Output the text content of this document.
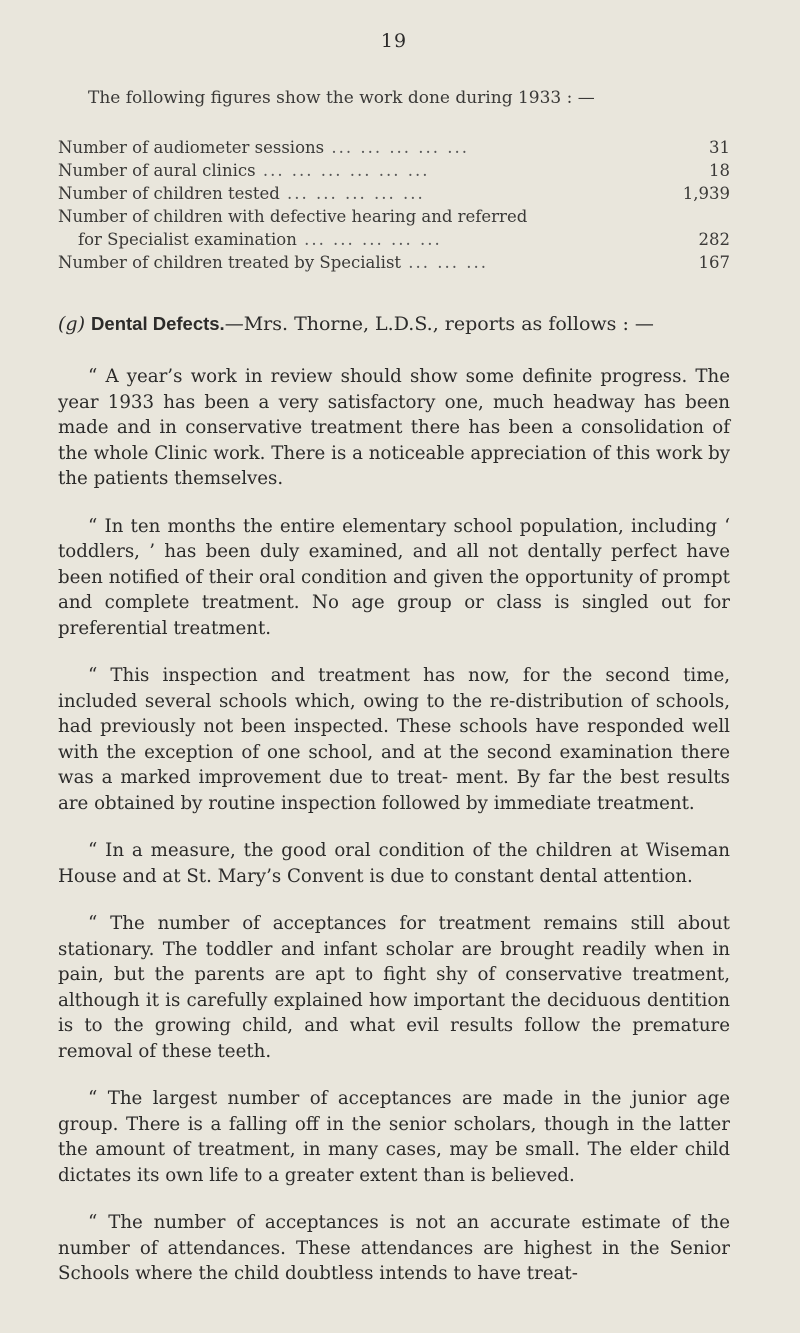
19
The following figures show the work done during 1933 : —
Number of audiometer sessions ... ... ... ... ...	31
Number of aural clinics ... ... ... ... ... ...	18
Number of children tested ... ... ... ... ...	1,939
Number of children with defective hearing and referred
for Specialist examination ... ... ... ... ...	282
Number of children treated by Specialist ... ... ...	167
(g) Dental Defects.—Mrs. Thorne, L.D.S., reports as follows : —

“ A year’s work in review should show some definite progress. The year 1933 has been a very satisfactory one, much headway has been made and in conservative treatment there has been a consolidation of the whole Clinic work. There is a noticeable appreciation of this work by the patients themselves.

“ In ten months the entire elementary school population, including ‘ toddlers, ’ has been duly examined, and all not dentally perfect have been notified of their oral condition and given the opportunity of prompt and complete treatment. No age group or class is singled out for preferential treatment.

“ This inspection and treatment has now, for the second time, included several schools which, owing to the re-distribution of schools, had previously not been inspected. These schools have responded well with the exception of one school, and at the second examination there was a marked improvement due to treat- ment. By far the best results are obtained by routine inspection followed by immediate treatment.

“ In a measure, the good oral condition of the children at Wiseman House and at St. Mary’s Convent is due to constant dental attention.

“ The number of acceptances for treatment remains still about stationary. The toddler and infant scholar are brought readily when in pain, but the parents are apt to fight shy of conservative treatment, although it is carefully explained how important the deciduous dentition is to the growing child, and what evil results follow the premature removal of these teeth.

“ The largest number of acceptances are made in the junior age group. There is a falling off in the senior scholars, though in the latter the amount of treatment, in many cases, may be small. The elder child dictates its own life to a greater extent than is believed.

“ The number of acceptances is not an accurate estimate of the number of attendances. These attendances are highest in the Senior Schools where the child doubtless intends to have treat-
